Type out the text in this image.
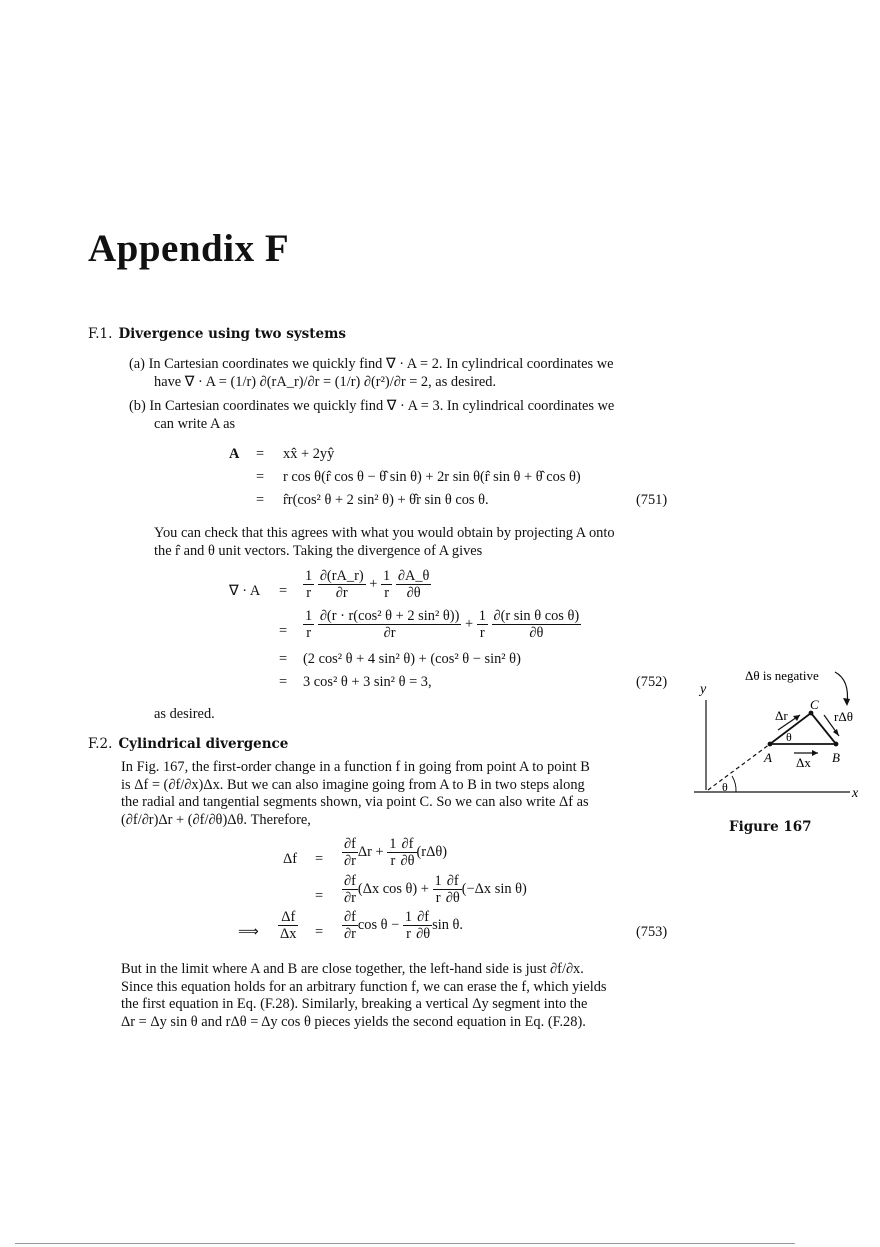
Appendix F
F.1. Divergence using two systems
(a) In Cartesian coordinates we quickly find ∇ · A = 2. In cylindrical coordinates we
have ∇ · A = (1/r) ∂(rA_r)/∂r = (1/r) ∂(r²)/∂r = 2, as desired.
(b) In Cartesian coordinates we quickly find ∇ · A = 3. In cylindrical coordinates we
can write A as
A = xx̂ + 2yŷ
= r cos θ(r̂ cos θ − θ̂ sin θ) + 2r sin θ(r̂ sin θ + θ̂ cos θ)
= r̂r(cos² θ + 2 sin² θ) + θ̂r sin θ cos θ.	(751)
You can check that this agrees with what you would obtain by projecting A onto
the r̂ and θ unit vectors. Taking the divergence of A gives
∇ · $A = \frac{1}{r}$
$\frac{\partial(rA\_r)}{\partial r} + \frac{1}{r}$
$\frac{\partial A\_\theta}{\partial\theta}$
= $\frac{1}{r}$
$\frac{\text{∂(r · r(cos² θ + 2 sin² θ))}}{\partial r} + \frac{1}{r}$
$\frac{\text{∂(r sin θ cos θ)}}{\partial\theta}$
= (2 cos² θ + 4 sin² θ) + (cos² θ − sin² θ)
= 3 cos² θ + 3 sin² θ = 3,	(752)
as desired.
F.2. Cylindrical divergence
In Fig. 167, the first-order change in a function f in going from point A to point B
is Δf = (∂f/∂x)Δx. But we can also imagine going from A to B in two steps along
the radial and tangential segments shown, via point C. So we can also write Δf as
(∂f/∂r)Δr + (∂f/∂θ)Δθ. Therefore,
$\Delta f = \frac{\partial f}{\partial r}$ $\Delta r + \frac{1}{r} \frac{\partial f}{\partial\theta} (r\Delta\theta)$
= $\frac{\partial f}{\partial r} (\Delta x$ $\cos \theta) + \frac{1}{r} \frac{\partial f}{\partial\theta} (-\Delta x$ sin θ)
⟹ $\frac{\Delta f}{\Delta x} = \frac{\partial f}{\partial r}$ $\cos \theta - \frac{1}{r} \frac{\partial f}{\partial\theta}$ sin θ.	(753)
But in the limit where A and B are close together, the left-hand side is just ∂f/∂x.
Since this equation holds for an arbitrary function f, we can erase the f, which yields
the first equation in Eq. (F.28). Similarly, breaking a vertical Δy segment into the
Δr = Δy sin θ and rΔθ = Δy cos θ pieces yields the second equation in Eq. (F.28).
y
x
θ
A	B
C
θ
Δr	rΔθ
Δx
Δθ is negative
Figure 167
